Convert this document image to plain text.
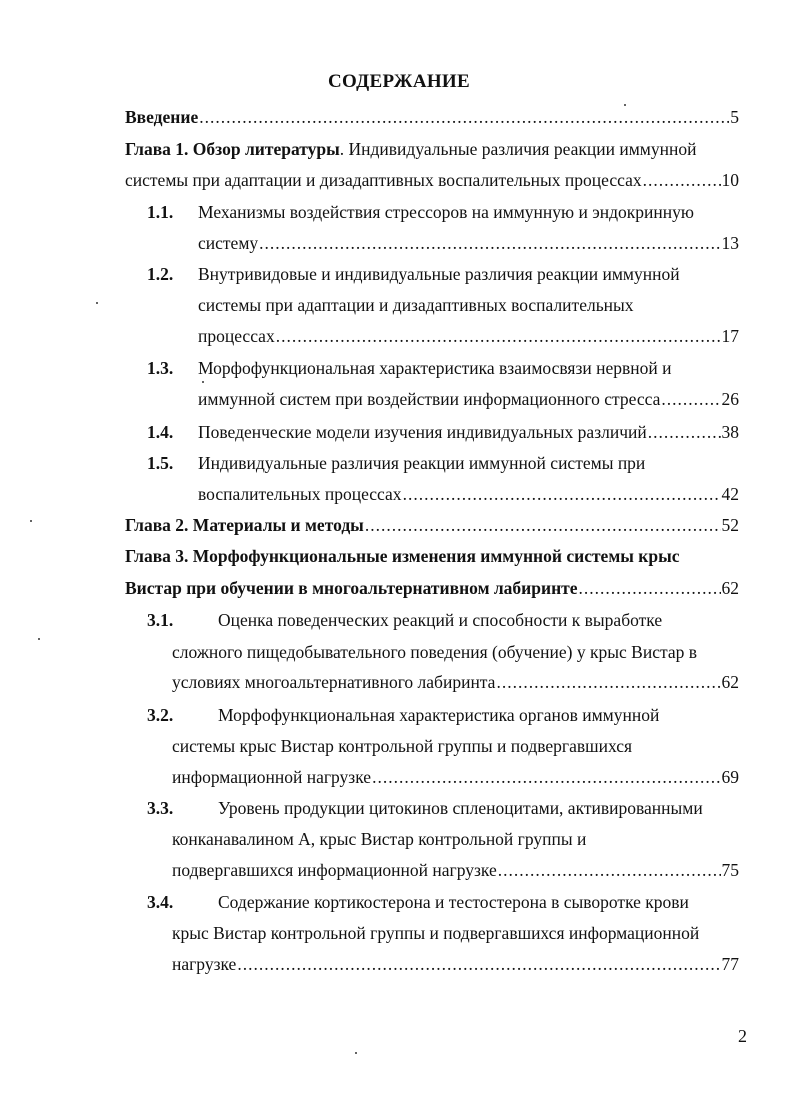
СОДЕРЖАНИЕ
Введение .....	5
Глава 1. Обзор литературы. Индивидуальные различия реакции иммунной
системы при адаптации и дизадаптивных воспалительных процессах .....	10
1.1. Механизмы воздействия стрессоров на иммунную и эндокринную
систему .....	13
1.2. Внутривидовые и индивидуальные различия реакции иммунной
системы при адаптации и дизадаптивных воспалительных
процессах .....	17
1.3. Морфофункциональная характеристика взаимосвязи нервной и
иммунной систем при воздействии информационного стресса .....	26
1.4. Поведенческие модели изучения индивидуальных различий .....	38
1.5. Индивидуальные различия реакции иммунной системы при
воспалительных процессах .....	42
Глава 2. Материалы и методы .....	52
Глава 3. Морфофункциональные изменения иммунной системы крыс
Вистар при обучении в многоальтернативном лабиринте .....	62
3.1.	Оценка поведенческих реакций и способности к выработке
сложного пищедобывательного поведения (обучение) у крыс Вистар в
условиях многоальтернативного лабиринта .....	62
3.2.	Морфофункциональная характеристика органов иммунной
системы крыс Вистар контрольной группы и подвергавшихся
информационной нагрузке .....	69
3.3.	Уровень продукции цитокинов спленоцитами, активированными
конканавалином А, крыс Вистар контрольной группы и
подвергавшихся информационной нагрузке .....	75
3.4.	Содержание кортикостерона и тестостерона в сыворотке крови
крыс Вистар контрольной группы и подвергавшихся информационной
нагрузке .....	77
2
